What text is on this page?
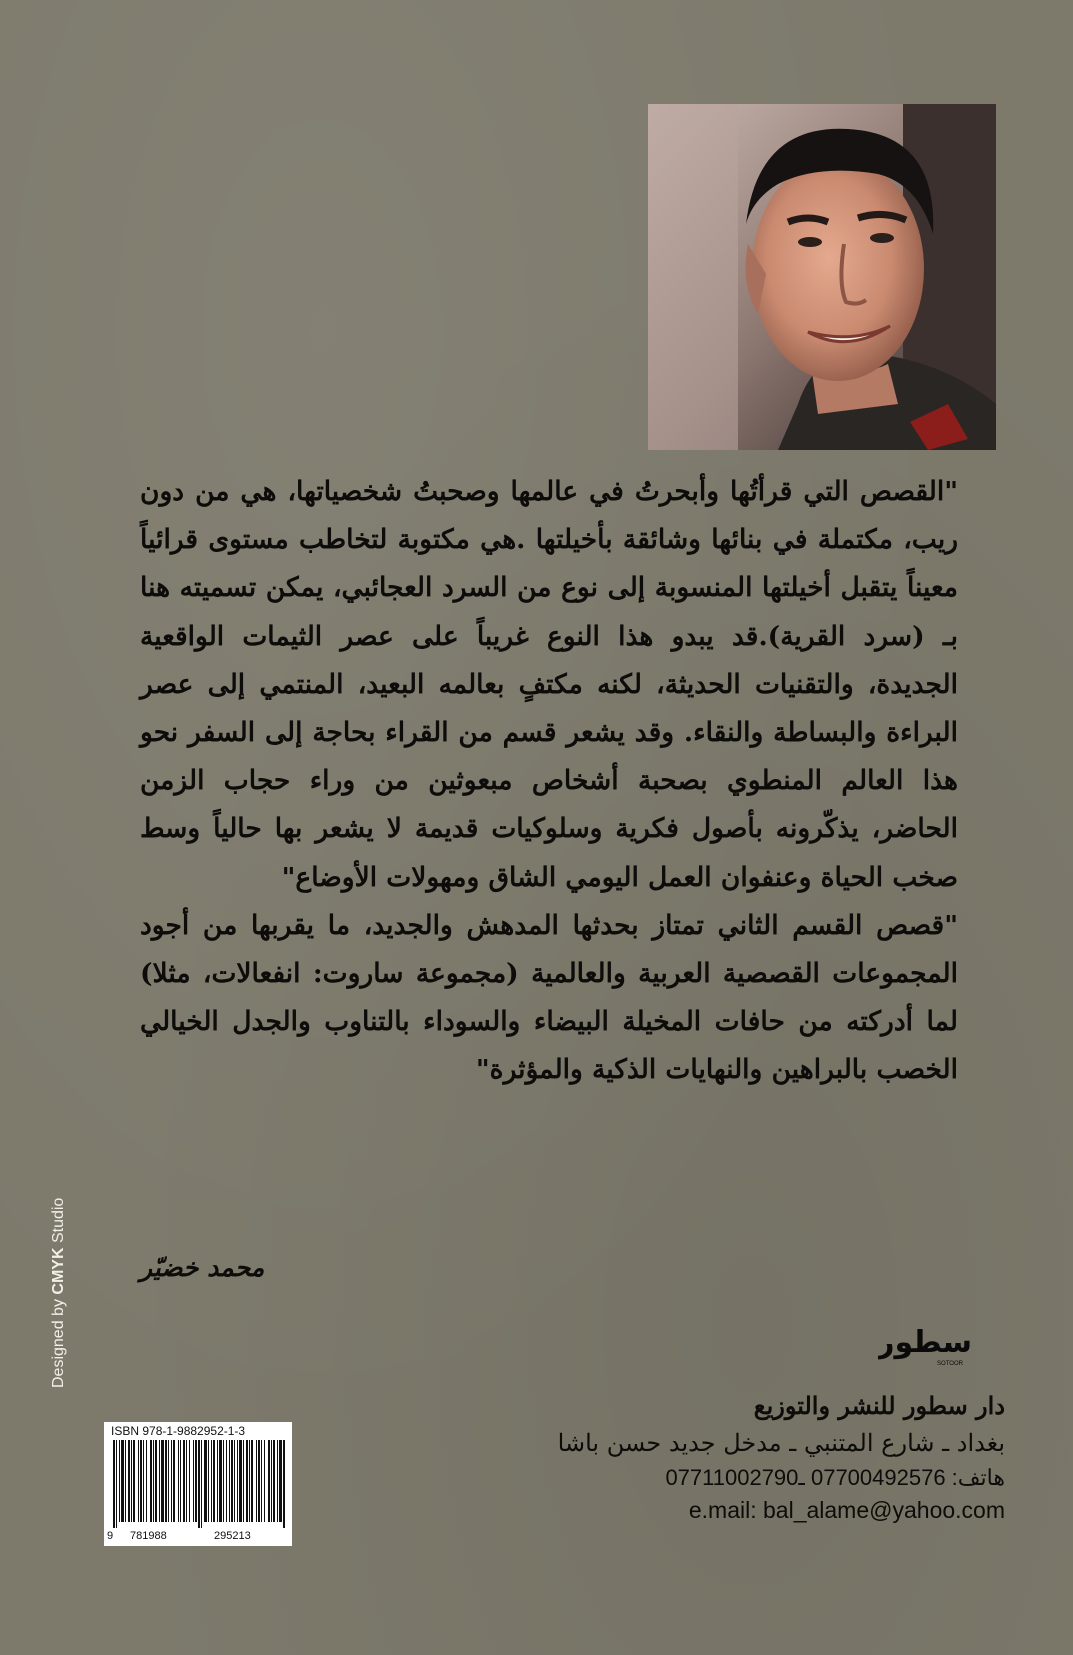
"القصص التي قرأتُها وأبحرتُ في عالمها وصحبتُ شخصياتها، هي من دون ريب، مكتملة في بنائها وشائقة بأخيلتها .هي مكتوبة لتخاطب مستوى قرائياً معيناً يتقبل أخيلتها المنسوبة إلى نوع من السرد العجائبي، يمكن تسميته هنا بـ (سرد القرية).قد يبدو هذا النوع غريباً على عصر الثيمات الواقعية الجديدة، والتقنيات الحديثة، لكنه مكتفٍ بعالمه البعيد، المنتمي إلى عصر البراءة والبساطة والنقاء. وقد يشعر قسم من القراء بحاجة إلى السفر نحو هذا العالم المنطوي بصحبة أشخاص مبعوثين من وراء حجاب الزمن الحاضر، يذكّرونه بأصول فكرية وسلوكيات قديمة لا يشعر بها حالياً وسط صخب الحياة وعنفوان العمل اليومي الشاق ومهولات الأوضاع"

"قصص القسم الثاني تمتاز بحدثها المدهش والجديد، ما يقربها من أجود المجموعات القصصية العربية والعالمية (مجموعة ساروت: انفعالات، مثلا) لما أدركته من حافات المخيلة البيضاء والسوداء بالتناوب والجدل الخيالي الخصب بالبراهين والنهايات الذكية والمؤثرة"

محمد خضيّر
Designed by CMYK Studio
سطور
SOTOOR
دار سطور للنشر والتوزيع
بغداد ـ شارع المتنبي ـ مدخل جديد حسن باشا
هاتف: 07700492576 ـ07711002790
e.mail: bal_alame@yahoo.com
ISBN 978-1-9882952-1-3
9 781988	295213
